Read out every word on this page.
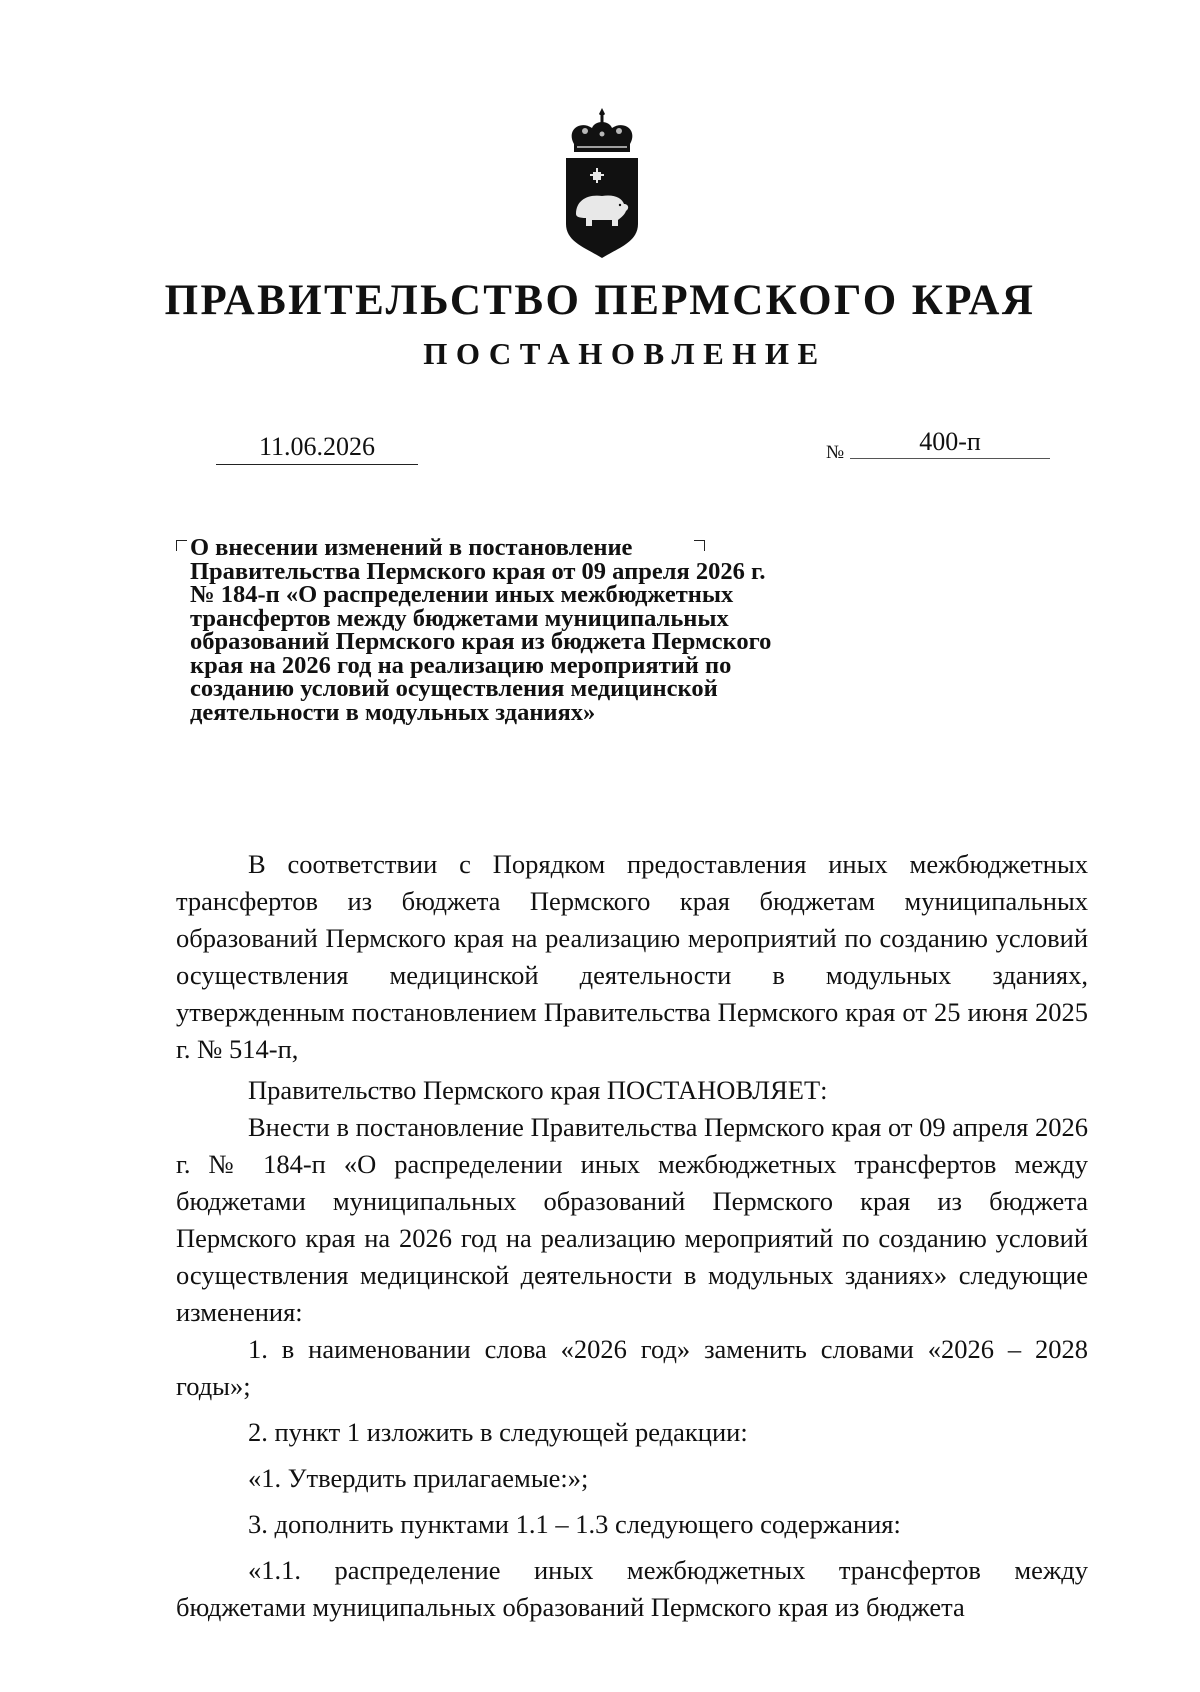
ПРАВИТЕЛЬСТВО ПЕРМСКОГО КРАЯ
ПОСТАНОВЛЕНИЕ
11.06.2026	№	400-п

О внесении изменений в постановление Правительства Пермского края от 09 апреля 2026 г. № 184-п «О распределении иных межбюджетных трансфертов между бюджетами муниципальных образований Пермского края из бюджета Пермского края на 2026 год на реализацию мероприятий по созданию условий осуществления медицинской деятельности в модульных зданиях»

В соответствии с Порядком предоставления иных межбюджетных трансфертов из бюджета Пермского края бюджетам муниципальных образований Пермского края на реализацию мероприятий по созданию условий осуществления медицинской деятельности в модульных зданиях, утвержденным постановлением Правительства Пермского края от 25 июня 2025 г. № 514-п,

Правительство Пермского края ПОСТАНОВЛЯЕТ:

Внести в постановление Правительства Пермского края от 09 апреля 2026 г. № 184-п «О распределении иных межбюджетных трансфертов между бюджетами муниципальных образований Пермского края из бюджета Пермского края на 2026 год на реализацию мероприятий по созданию условий осуществления медицинской деятельности в модульных зданиях» следующие изменения:

1. в наименовании слова «2026 год» заменить словами «2026 – 2028 годы»;

2. пункт 1 изложить в следующей редакции:

«1. Утвердить прилагаемые:»;

3. дополнить пунктами 1.1 – 1.3 следующего содержания:

«1.1. распределение иных межбюджетных трансфертов между бюджетами муниципальных образований Пермского края из бюджета
